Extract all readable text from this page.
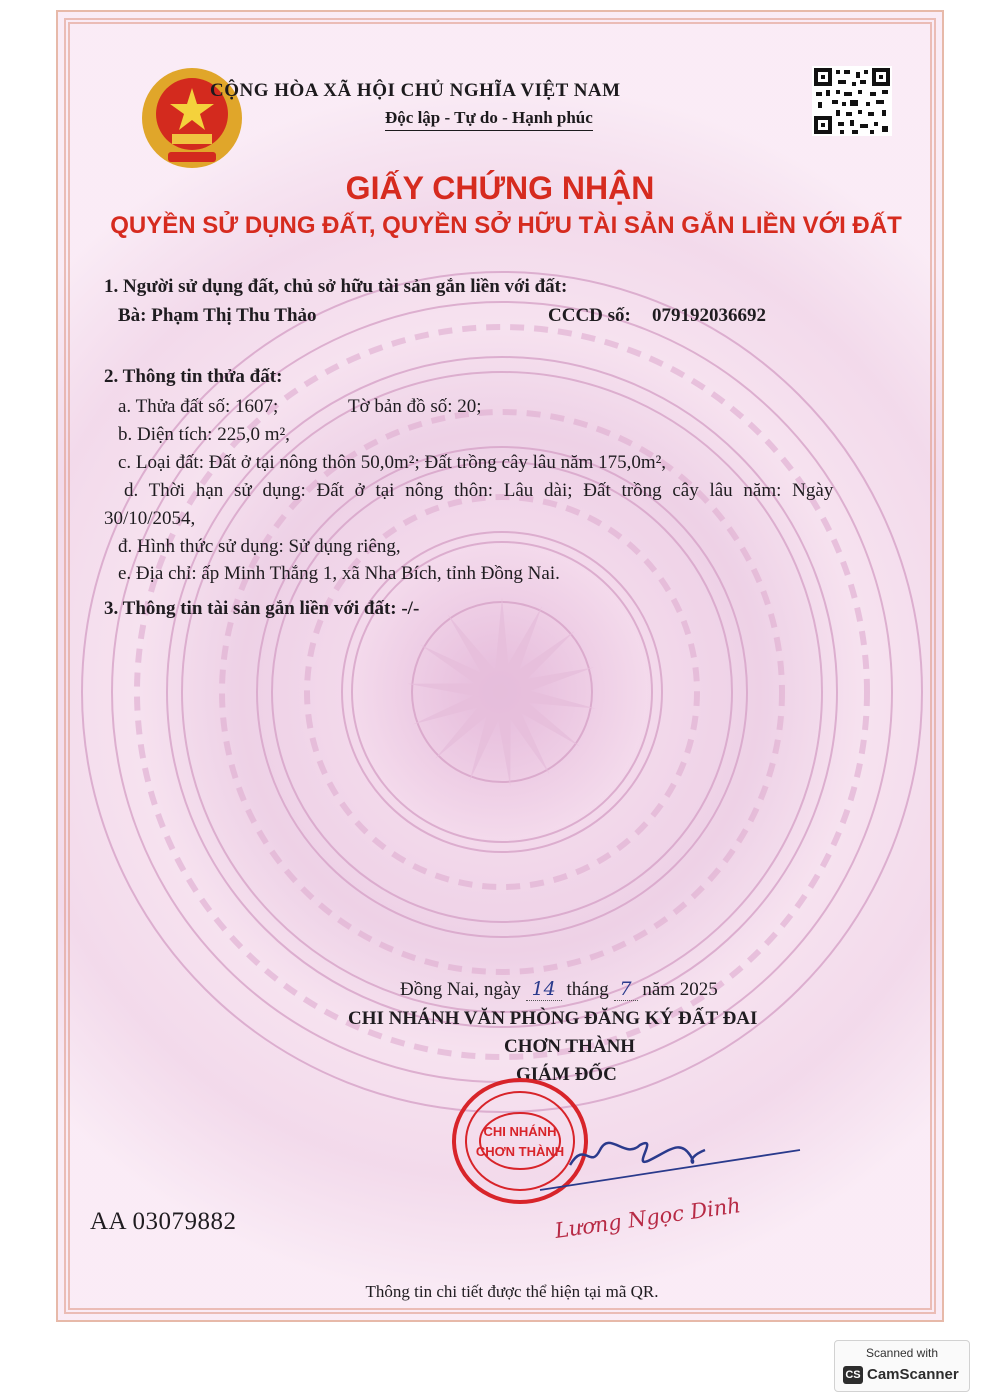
CỘNG HÒA XÃ HỘI CHỦ NGHĨA VIỆT NAM
Độc lập - Tự do - Hạnh phúc
GIẤY CHỨNG NHẬN
QUYỀN SỬ DỤNG ĐẤT, QUYỀN SỞ HỮU TÀI SẢN GẮN LIỀN VỚI ĐẤT
1. Người sử dụng đất, chủ sở hữu tài sản gắn liền với đất:
Bà: Phạm Thị Thu Thảo	CCCD số: 079192036692
2. Thông tin thửa đất:
a. Thửa đất số: 1607;	Tờ bản đồ số: 20;
b. Diện tích: 225,0 m²,
c. Loại đất: Đất ở tại nông thôn 50,0m²; Đất trồng cây lâu năm 175,0m²,
d. Thời hạn sử dụng: Đất ở tại nông thôn: Lâu dài; Đất trồng cây lâu năm: Ngày
30/10/2054,
đ. Hình thức sử dụng: Sử dụng riêng,
e. Địa chỉ: ấp Minh Thắng 1, xã Nha Bích, tỉnh Đồng Nai.
3. Thông tin tài sản gắn liền với đất: -/-
Đồng Nai, ngày 14 tháng 7 năm 2025
CHI NHÁNH VĂN PHÒNG ĐĂNG KÝ ĐẤT ĐAI
CHƠN THÀNH
GIÁM ĐỐC
CHI NHÁNH
CHƠN THÀNH
Lương Ngọc Dinh
AA 03079882
Thông tin chi tiết được thể hiện tại mã QR.
Scanned with
CS CamScanner
